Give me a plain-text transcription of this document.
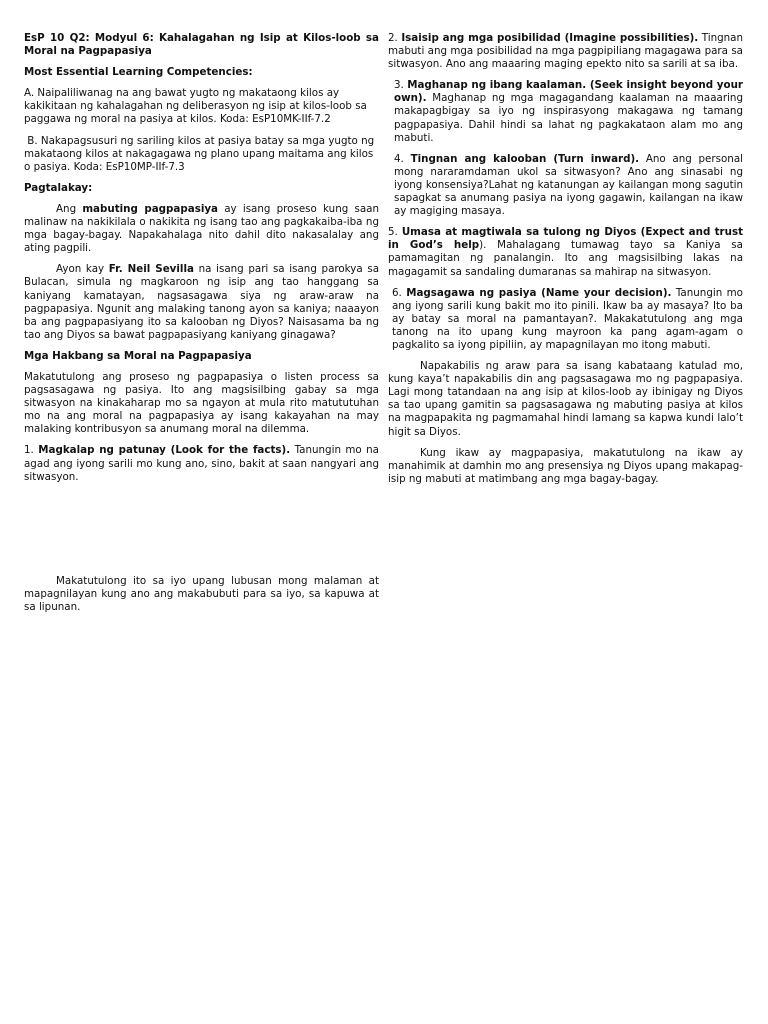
EsP 10 Q2: Modyul 6: Kahalagahan ng Isip at Kilos-loob sa Moral na Pagpapasiya

Most Essential Learning Competencies:

A. Naipaliliwanag na ang bawat yugto ng makataong kilos ay kakikitaan ng kahalagahan ng deliberasyon ng isip at kilos-loob sa paggawa ng moral na pasiya at kilos. Koda: EsP10MK-IIf-7.2

B. Nakapagsusuri ng sariling kilos at pasiya batay sa mga yugto ng makataong kilos at nakagagawa ng plano upang maitama ang kilos o pasiya. Koda: EsP10MP-IIf-7.3

Pagtalakay:

Ang mabuting pagpapasiya ay isang proseso kung saan malinaw na nakikilala o nakikita ng isang tao ang pagkakaiba-iba ng mga bagay-bagay. Napakahalaga nito dahil dito nakasalalay ang ating pagpili.

Ayon kay Fr. Neil Sevilla na isang pari sa isang parokya sa Bulacan, simula ng magkaroon ng isip ang tao hanggang sa kaniyang kamatayan, nagsasagawa siya ng araw-araw na pagpapasiya. Ngunit ang malaking tanong ayon sa kaniya; naaayon ba ang pagpapasiyang ito sa kalooban ng Diyos? Naisasama ba ng tao ang Diyos sa bawat pagpapasiyang kaniyang ginagawa?

Mga Hakbang sa Moral na Pagpapasiya

Makatutulong ang proseso ng pagpapasiya o listen process sa pagsasagawa ng pasiya. Ito ang magsisilbing gabay sa mga sitwasyon na kinakaharap mo sa ngayon at mula rito matututuhan mo na ang moral na pagpapasiya ay isang kakayahan na may malaking kontribusyon sa anumang moral na dilemma.

1. Magkalap ng patunay (Look for the facts). Tanungin mo na agad ang iyong sarili mo kung ano, sino, bakit at saan nangyari ang sitwasyon.

Makatutulong ito sa iyo upang lubusan mong malaman at mapagnilayan kung ano ang makabubuti para sa iyo, sa kapuwa at sa lipunan.

2. Isaisip ang mga posibilidad (Imagine possibilities). Tingnan mabuti ang mga posibilidad na mga pagpipiliang magagawa para sa sitwasyon. Ano ang maaaring maging epekto nito sa sarili at sa iba.

3. Maghanap ng ibang kaalaman. (Seek insight beyond your own). Maghanap ng mga magagandang kaalaman na maaaring makapagbigay sa iyo ng inspirasyong makagawa ng tamang pagpapasiya. Dahil hindi sa lahat ng pagkakataon alam mo ang mabuti.

4. Tingnan ang kalooban (Turn inward). Ano ang personal mong nararamdaman ukol sa sitwasyon? Ano ang sinasabi ng iyong konsensiya?Lahat ng katanungan ay kailangan mong sagutin sapagkat sa anumang pasiya na iyong gagawin, kailangan na ikaw ay magiging masaya.

5. Umasa at magtiwala sa tulong ng Diyos (Expect and trust in God’s help). Mahalagang tumawag tayo sa Kaniya sa pamamagitan ng panalangin. Ito ang magsisilbing lakas na magagamit sa sandaling dumaranas sa mahirap na sitwasyon.

6. Magsagawa ng pasiya (Name your decision). Tanungin mo ang iyong sarili kung bakit mo ito pinili. Ikaw ba ay masaya? Ito ba ay batay sa moral na pamantayan?. Makakatutulong ang mga tanong na ito upang kung mayroon ka pang agam-agam o pagkalito sa iyong pipiliin, ay mapagnilayan mo itong mabuti.

Napakabilis ng araw para sa isang kabataang katulad mo, kung kaya’t napakabilis din ang pagsasagawa mo ng pagpapasiya. Lagi mong tatandaan na ang isip at kilos-loob ay ibinigay ng Diyos sa tao upang gamitin sa pagsasagawa ng mabuting pasiya at kilos na magpapakita ng pagmamahal hindi lamang sa kapwa kundi lalo’t higit sa Diyos.

Kung ikaw ay magpapasiya, makatutulong na ikaw ay manahimik at damhin mo ang presensiya ng Diyos upang makapag-isip ng mabuti at matimbang ang mga bagay-bagay.
